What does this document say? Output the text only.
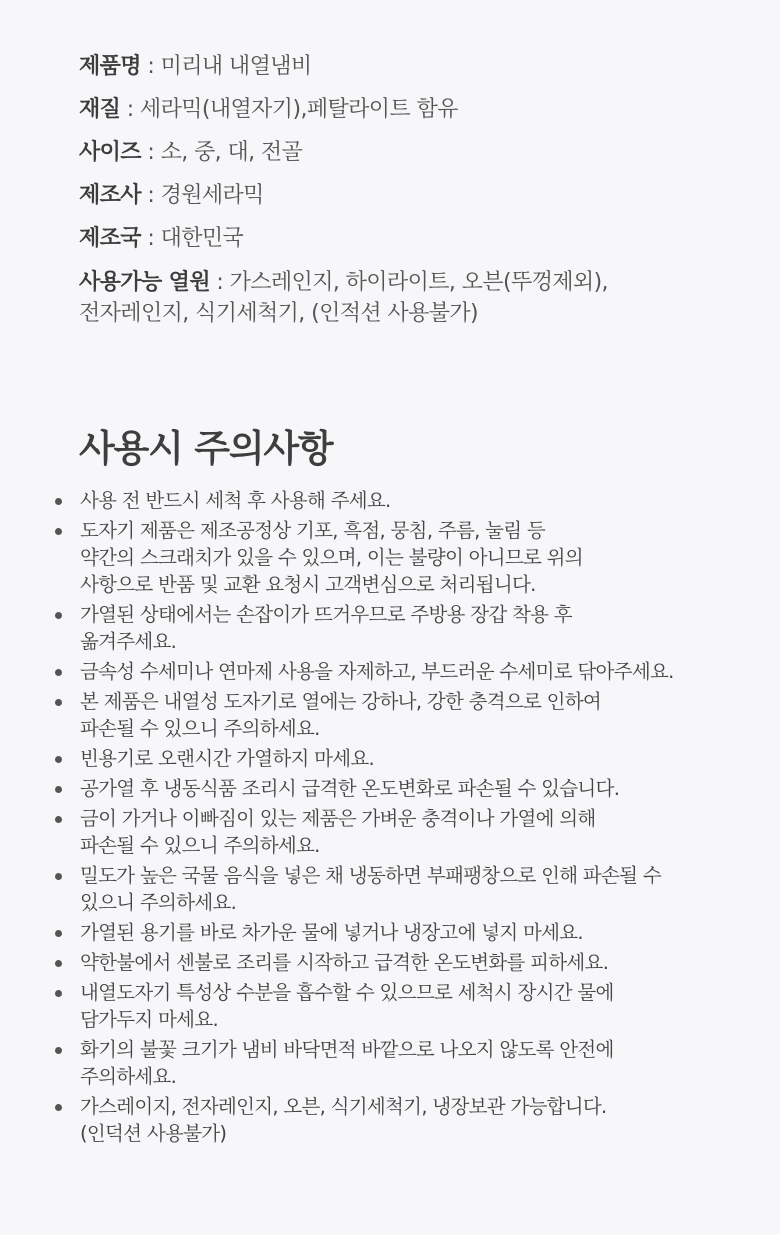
제품명 : 미리내 내열냄비

재질 : 세라믹(내열자기),페탈라이트 함유

사이즈 : 소, 중, 대, 전골

제조사 : 경원세라믹

제조국 : 대한민국

사용가능 열원 : 가스레인지, 하이라이트, 오븐(뚜껑제외),
전자레인지, 식기세척기, (인적션 사용불가)

사용시 주의사항
사용 전 반드시 세척 후 사용해 주세요.
도자기 제품은 제조공정상 기포, 흑점, 뭉침, 주름, 눌림 등
약간의 스크래치가 있을 수 있으며, 이는 불량이 아니므로 위의
사항으로 반품 및 교환 요청시 고객변심으로 처리됩니다.
가열된 상태에서는 손잡이가 뜨거우므로 주방용 장갑 착용 후
옮겨주세요.
금속성 수세미나 연마제 사용을 자제하고, 부드러운 수세미로 닦아주세요.
본 제품은 내열성 도자기로 열에는 강하나, 강한 충격으로 인하여
파손될 수 있으니 주의하세요.
빈용기로 오랜시간 가열하지 마세요.
공가열 후 냉동식품 조리시 급격한 온도변화로 파손될 수 있습니다.
금이 가거나 이빠짐이 있는 제품은 가벼운 충격이나 가열에 의해
파손될 수 있으니 주의하세요.
밀도가 높은 국물 음식을 넣은 채 냉동하면 부패팽창으로 인해 파손될 수
있으니 주의하세요.
가열된 용기를 바로 차가운 물에 넣거나 냉장고에 넣지 마세요.
약한불에서 센불로 조리를 시작하고 급격한 온도변화를 피하세요.
내열도자기 특성상 수분을 흡수할 수 있으므로 세척시 장시간 물에
담가두지 마세요.
화기의 불꽃 크기가 냄비 바닥면적 바깥으로 나오지 않도록 안전에
주의하세요.
가스레이지, 전자레인지, 오븐, 식기세척기, 냉장보관 가능합니다.
(인덕션 사용불가)
